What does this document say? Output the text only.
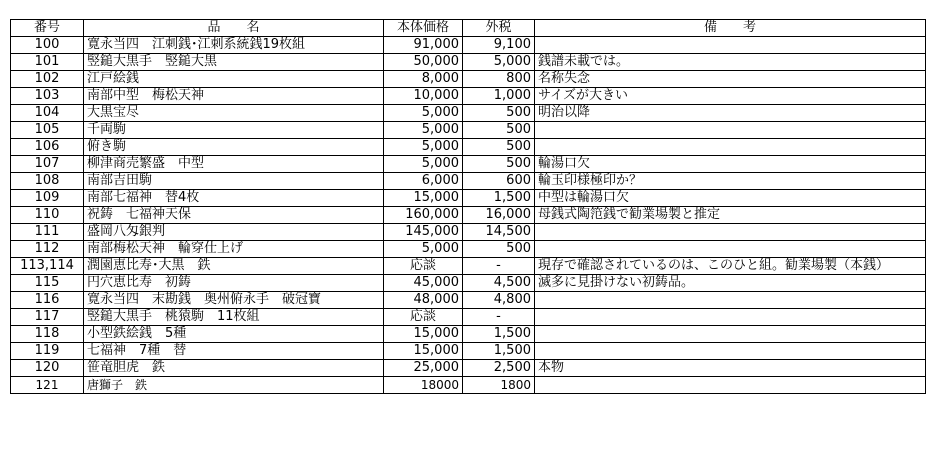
番号	品　　名	本体価格	外税	備　　考
100	寛永当四　江刺銭･江刺系統銭19枚組	91,000	9,100	
101	竪鎚大黒手　竪鎚大黒	50,000	5,000	銭譜未載では。
102	江戸絵銭	8,000	800	名称失念
103	南部中型　梅松天神	10,000	1,000	サイズが大きい
104	大黒宝尽	5,000	500	明治以降
105	千両駒	5,000	500	
106	俯き駒	5,000	500	
107	柳津商売繁盛　中型	5,000	500	輪湯口欠
108	南部吉田駒	6,000	600	輪玉印様極印か？
109	南部七福神　替4枚	15,000	1,500	中型は輪湯口欠
110	祝鋳　七福神天保	160,000	16,000	母銭式陶笵銭で勧業場製と推定
111	盛岡八匁銀判	145,000	14,500	
112	南部梅松天神　輪穿仕上げ	5,000	500	
113,114	潤園恵比寿･大黒　鉄	応談	-	現存で確認されているのは、このひと組。勧業場製（本銭）
115	円穴恵比寿　初鋳	45,000	4,500	滅多に見掛けない初鋳品。
116	寛永当四　末勘銭　奥州俯永手　破冠寶	48,000	4,800	
117	竪鎚大黒手　桃猿駒　11枚組	応談	-	
118	小型鉄絵銭　5種	15,000	1,500	
119	七福神　7種　替	15,000	1,500	
120	笹竜胆虎　鉄	25,000	2,500	本物
121	唐獅子　鉄	18000	1800	
